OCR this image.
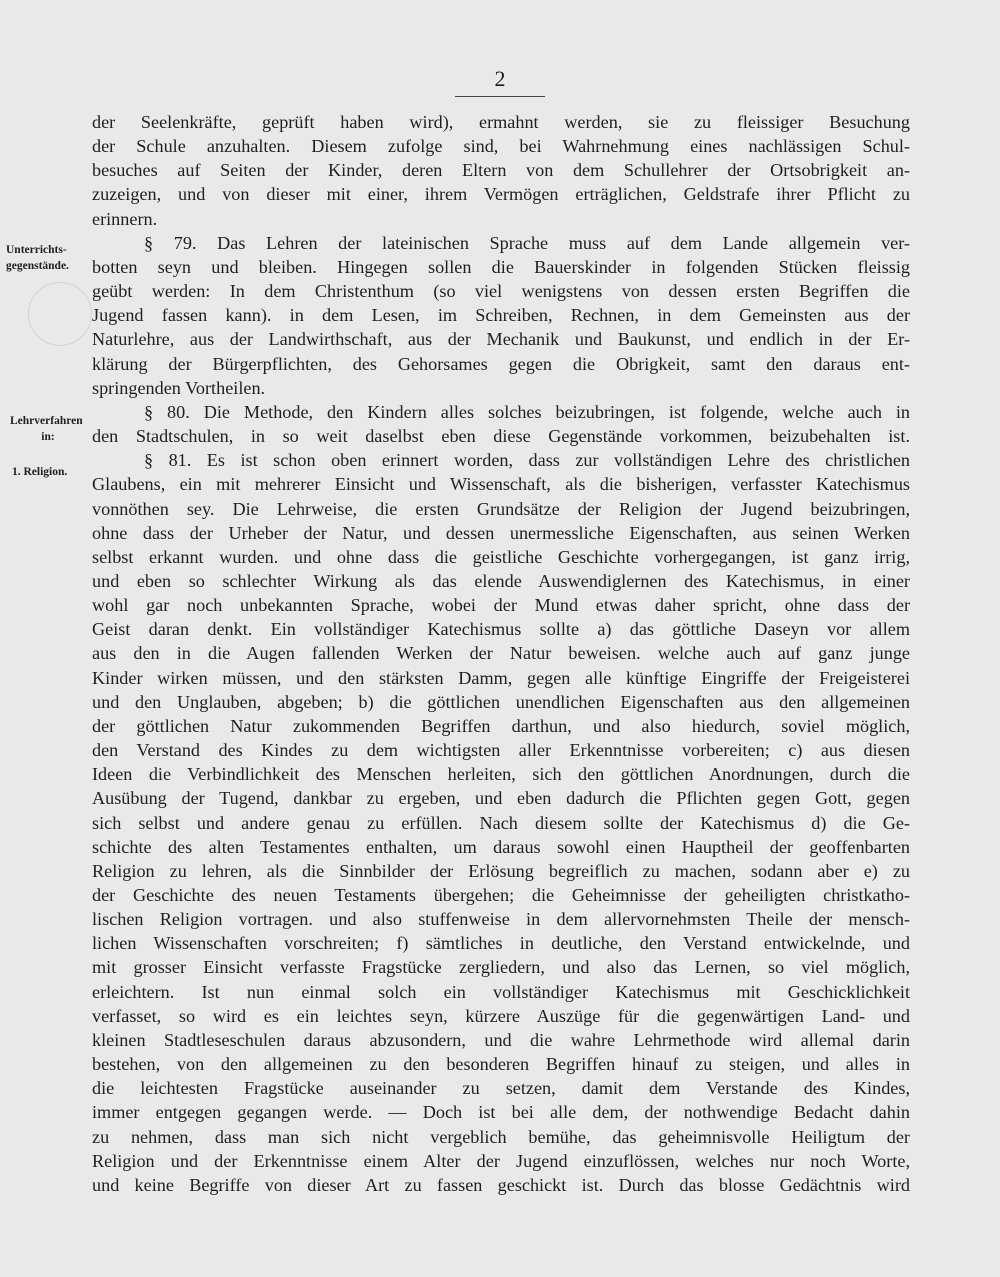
2
Unterrichts-
gegenstände.
Lehrverfahren
in:
1. Religion.
der Seelenkräfte, geprüft haben wird), ermahnt werden, sie zu fleissiger Besuchung
der Schule anzuhalten. Diesem zufolge sind, bei Wahrnehmung eines nachlässigen Schul-
besuches auf Seiten der Kinder, deren Eltern von dem Schullehrer der Ortsobrigkeit an-
zuzeigen, und von dieser mit einer, ihrem Vermögen erträglichen, Geldstrafe ihrer Pflicht zu
erinnern.
§ 79. Das Lehren der lateinischen Sprache muss auf dem Lande allgemein ver-
botten seyn und bleiben. Hingegen sollen die Bauerskinder in folgenden Stücken fleissig
geübt werden: In dem Christenthum (so viel wenigstens von dessen ersten Begriffen die
Jugend fassen kann). in dem Lesen, im Schreiben, Rechnen, in dem Gemeinsten aus der
Naturlehre, aus der Landwirthschaft, aus der Mechanik und Baukunst, und endlich in der Er-
klärung der Bürgerpflichten, des Gehorsames gegen die Obrigkeit, samt den daraus ent-
springenden Vortheilen.
§ 80. Die Methode, den Kindern alles solches beizubringen, ist folgende, welche auch in
den Stadtschulen, in so weit daselbst eben diese Gegenstände vorkommen, beizubehalten ist.
§ 81. Es ist schon oben erinnert worden, dass zur vollständigen Lehre des christlichen
Glaubens, ein mit mehrerer Einsicht und Wissenschaft, als die bisherigen, verfasster Katechismus
vonnöthen sey. Die Lehrweise, die ersten Grundsätze der Religion der Jugend beizubringen,
ohne dass der Urheber der Natur, und dessen unermessliche Eigenschaften, aus seinen Werken
selbst erkannt wurden. und ohne dass die geistliche Geschichte vorhergegangen, ist ganz irrig,
und eben so schlechter Wirkung als das elende Auswendiglernen des Katechismus, in einer
wohl gar noch unbekannten Sprache, wobei der Mund etwas daher spricht, ohne dass der
Geist daran denkt. Ein vollständiger Katechismus sollte a) das göttliche Daseyn vor allem
aus den in die Augen fallenden Werken der Natur beweisen. welche auch auf ganz junge
Kinder wirken müssen, und den stärksten Damm, gegen alle künftige Eingriffe der Freigeisterei
und den Unglauben, abgeben; b) die göttlichen unendlichen Eigenschaften aus den allgemeinen
der göttlichen Natur zukommenden Begriffen darthun, und also hiedurch, soviel möglich,
den Verstand des Kindes zu dem wichtigsten aller Erkenntnisse vorbereiten; c) aus diesen
Ideen die Verbindlichkeit des Menschen herleiten, sich den göttlichen Anordnungen, durch die
Ausübung der Tugend, dankbar zu ergeben, und eben dadurch die Pflichten gegen Gott, gegen
sich selbst und andere genau zu erfüllen. Nach diesem sollte der Katechismus d) die Ge-
schichte des alten Testamentes enthalten, um daraus sowohl einen Hauptheil der geoffenbarten
Religion zu lehren, als die Sinnbilder der Erlösung begreiflich zu machen, sodann aber e) zu
der Geschichte des neuen Testaments übergehen; die Geheimnisse der geheiligten christkatho-
lischen Religion vortragen. und also stuffenweise in dem allervornehmsten Theile der mensch-
lichen Wissenschaften vorschreiten; f) sämtliches in deutliche, den Verstand entwickelnde, und
mit grosser Einsicht verfasste Fragstücke zergliedern, und also das Lernen, so viel möglich,
erleichtern. Ist nun einmal solch ein vollständiger Katechismus mit Geschicklichkeit
verfasset, so wird es ein leichtes seyn, kürzere Auszüge für die gegenwärtigen Land- und
kleinen Stadtleseschulen daraus abzusondern, und die wahre Lehrmethode wird allemal darin
bestehen, von den allgemeinen zu den besonderen Begriffen hinauf zu steigen, und alles in
die leichtesten Fragstücke auseinander zu setzen, damit dem Verstande des Kindes,
immer entgegen gegangen werde. — Doch ist bei alle dem, der nothwendige Bedacht dahin
zu nehmen, dass man sich nicht vergeblich bemühe, das geheimnisvolle Heiligtum der
Religion und der Erkenntnisse einem Alter der Jugend einzuflössen, welches nur noch Worte,
und keine Begriffe von dieser Art zu fassen geschickt ist. Durch das blosse Gedächtnis wird
